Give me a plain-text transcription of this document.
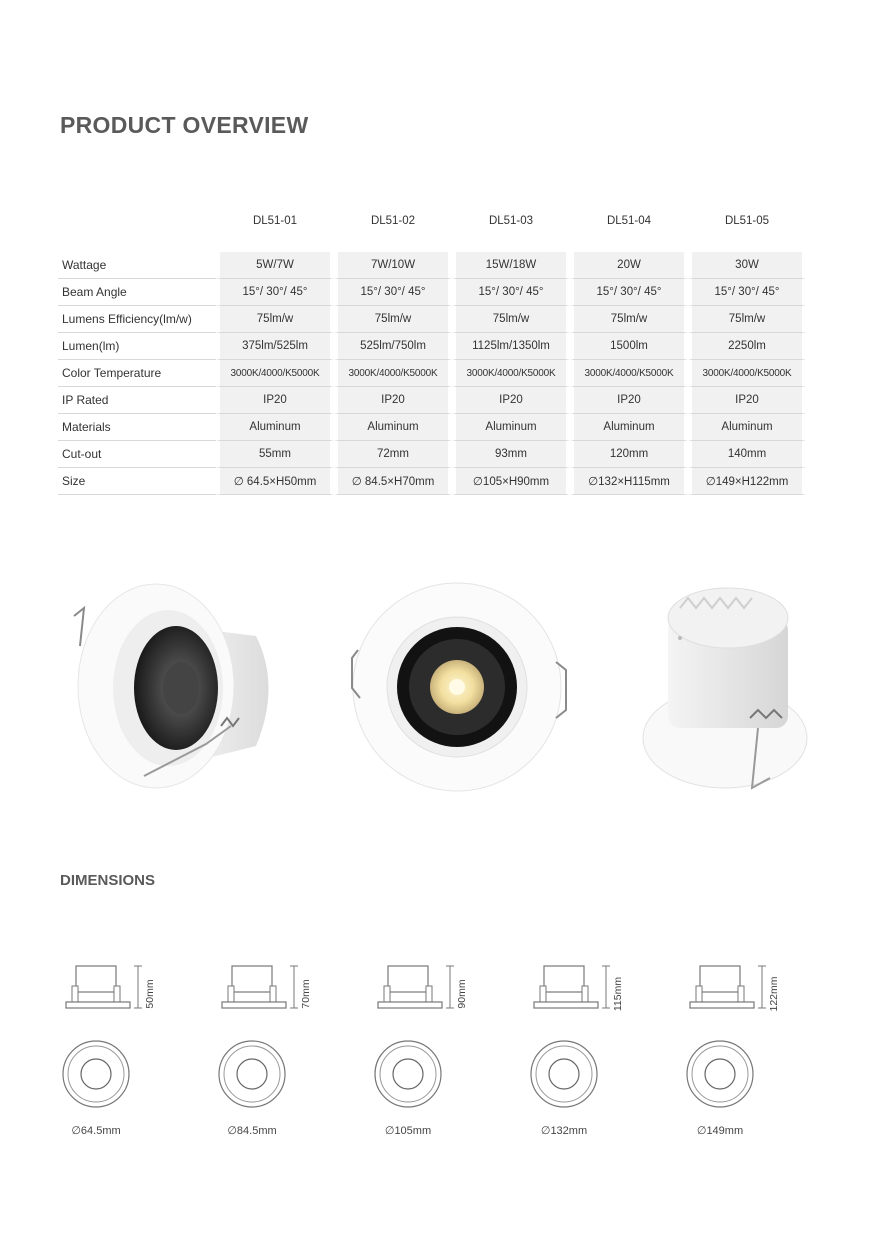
PRODUCT OVERVIEW
	DL51-01	DL51-02	DL51-03	DL51-04	DL51-05

Wattage	5W/7W	7W/10W	15W/18W	20W	30W
Beam Angle	15°/ 30°/ 45°	15°/ 30°/ 45°	15°/ 30°/ 45°	15°/ 30°/ 45°	15°/ 30°/ 45°
Lumens Efficiency(lm/w)	75lm/w	75lm/w	75lm/w	75lm/w	75lm/w
Lumen(lm)	375lm/525lm	525lm/750lm	1125lm/1350lm	1500lm	2250lm
Color Temperature	3000K/4000/K5000K	3000K/4000/K5000K	3000K/4000/K5000K	3000K/4000/K5000K	3000K/4000/K5000K
IP Rated	IP20	IP20	IP20	IP20	IP20
Materials	Aluminum	Aluminum	Aluminum	Aluminum	Aluminum
Cut-out	55mm	72mm	93mm	120mm	140mm
Size	∅ 64.5×H50mm	∅ 84.5×H70mm	∅105×H90mm	∅132×H115mm	∅149×H122mm
DIMENSIONS
50mm
∅64.5mm
70mm
∅84.5mm
90mm
∅105mm
115mm
∅132mm
122mm
∅149mm
